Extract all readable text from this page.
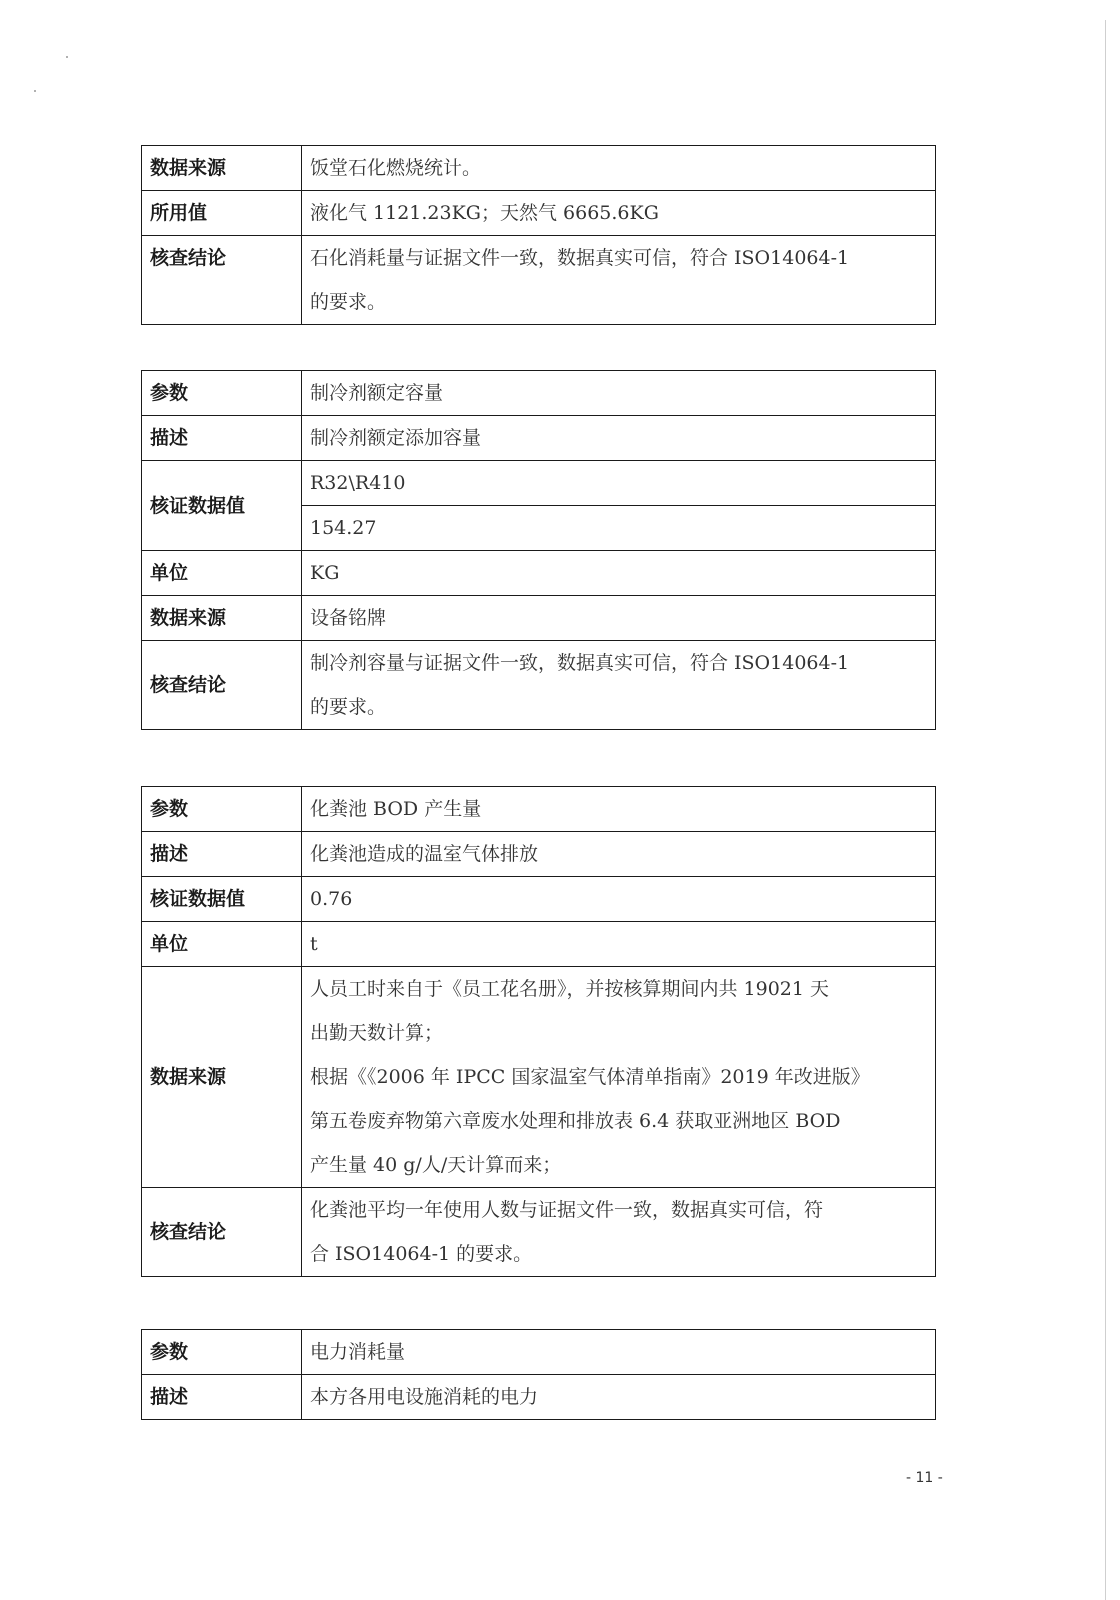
数据来源	饭堂石化燃烧统计。
所用值	液化气 1121.23KG；天然气 6665.6KG
核查结论	石化消耗量与证据文件一致，数据真实可信，符合 ISO14064-1
的要求。
参数	制冷剂额定容量
描述	制冷剂额定添加容量
核证数据值	R32\R410
	154.27
单位	KG
数据来源	设备铭牌
核查结论	制冷剂容量与证据文件一致，数据真实可信，符合 ISO14064-1
的要求。
参数	化粪池 BOD 产生量
描述	化粪池造成的温室气体排放
核证数据值	0.76
单位	t
数据来源	人员工时来自于《员工花名册》，并按核算期间内共 19021 天
出勤天数计算；
根据《《2006 年 IPCC 国家温室气体清单指南》2019 年改进版》
第五卷废弃物第六章废水处理和排放表 6.4 获取亚洲地区 BOD
产生量 40 g/人/天计算而来；

核查结论	化粪池平均一年使用人数与证据文件一致，数据真实可信，符
合 ISO14064-1 的要求。
参数	电力消耗量
描述	本方各用电设施消耗的电力
- 11 -
